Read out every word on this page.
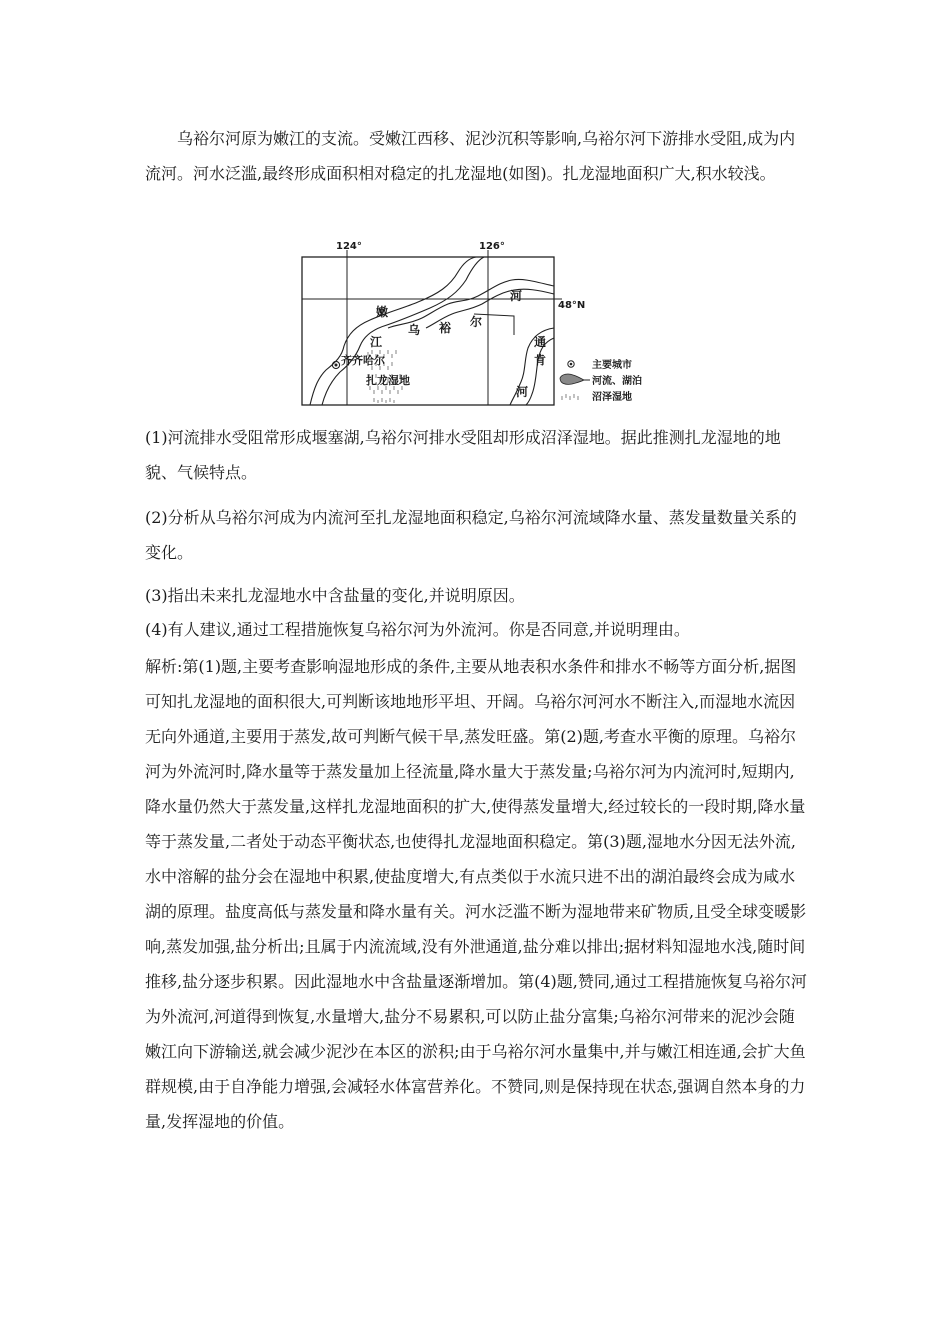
乌裕尔河原为嫩江的支流。受嫩江西移、泥沙沉积等影响,乌裕尔河下游排水受阻,成为内流河。河水泛滥,最终形成面积相对稳定的扎龙湿地(如图)。扎龙湿地面积广大,积水较浅。

124°	126°
48°N
嫩
江
乌 裕 尔
河
齐齐哈尔
扎龙湿地
通
肯
河
主要城市
河流、湖泊
沼泽湿地

(1)河流排水受阻常形成堰塞湖,乌裕尔河排水受阻却形成沼泽湿地。据此推测扎龙湿地的地貌、气候特点。

(2)分析从乌裕尔河成为内流河至扎龙湿地面积稳定,乌裕尔河流域降水量、蒸发量数量关系的变化。

(3)指出未来扎龙湿地水中含盐量的变化,并说明原因。

(4)有人建议,通过工程措施恢复乌裕尔河为外流河。你是否同意,并说明理由。

解析:第(1)题,主要考查影响湿地形成的条件,主要从地表积水条件和排水不畅等方面分析,据图可知扎龙湿地的面积很大,可判断该地地形平坦、开阔。乌裕尔河河水不断注入,而湿地水流因无向外通道,主要用于蒸发,故可判断气候干旱,蒸发旺盛。第(2)题,考查水平衡的原理。乌裕尔河为外流河时,降水量等于蒸发量加上径流量,降水量大于蒸发量;乌裕尔河为内流河时,短期内,降水量仍然大于蒸发量,这样扎龙湿地面积的扩大,使得蒸发量增大,经过较长的一段时期,降水量等于蒸发量,二者处于动态平衡状态,也使得扎龙湿地面积稳定。第(3)题,湿地水分因无法外流,水中溶解的盐分会在湿地中积累,使盐度增大,有点类似于水流只进不出的湖泊最终会成为咸水湖的原理。盐度高低与蒸发量和降水量有关。河水泛滥不断为湿地带来矿物质,且受全球变暖影响,蒸发加强,盐分析出;且属于内流流域,没有外泄通道,盐分难以排出;据材料知湿地水浅,随时间推移,盐分逐步积累。因此湿地水中含盐量逐渐增加。第(4)题,赞同,通过工程措施恢复乌裕尔河为外流河,河道得到恢复,水量增大,盐分不易累积,可以防止盐分富集;乌裕尔河带来的泥沙会随嫩江向下游输送,就会减少泥沙在本区的淤积;由于乌裕尔河水量集中,并与嫩江相连通,会扩大鱼群规模,由于自净能力增强,会减轻水体富营养化。不赞同,则是保持现在状态,强调自然本身的力量,发挥湿地的价值。
